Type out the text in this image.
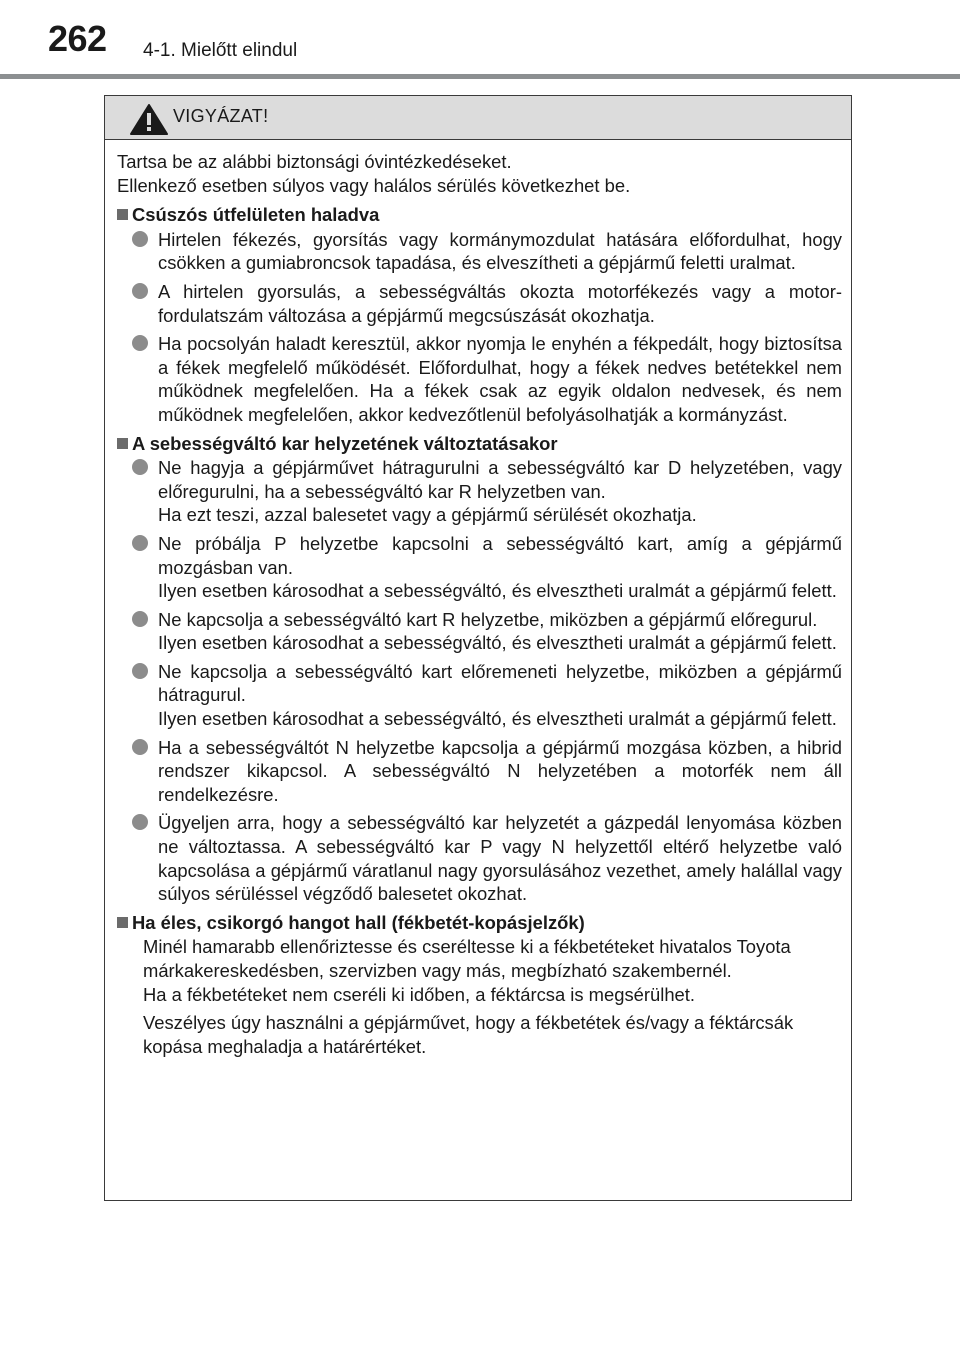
262 4-1. Mielőtt elindul
VIGYÁZAT!

Tartsa be az alábbi biztonsági óvintézkedéseket.

Ellenkező esetben súlyos vagy halálos sérülés következhet be.

Csúszós útfelületen haladva

Hirtelen fékezés, gyorsítás vagy kormánymozdulat hatására előfordulhat, hogy csökken a gumiabroncsok tapadása, és elveszítheti a gépjármű feletti uralmat.

A hirtelen gyorsulás, a sebességváltás okozta motorfékezés vagy a motorfordulatszám változása a gépjármű megcsúszását okozhatja.

Ha pocsolyán haladt keresztül, akkor nyomja le enyhén a fékpedált, hogy biztosítsa a fékek megfelelő működését. Előfordulhat, hogy a fékek nedves betétekkel nem működnek megfelelően. Ha a fékek csak az egyik oldalon nedvesek, és nem működnek megfelelően, akkor kedvezőtlenül befolyásolhatják a kormányzást.

A sebességváltó kar helyzetének változtatásakor

Ne hagyja a gépjárművet hátragurulni a sebességváltó kar D helyzetében, vagy előregurulni, ha a sebességváltó kar R helyzetben van.

Ha ezt teszi, azzal balesetet vagy a gépjármű sérülését okozhatja.

Ne próbálja P helyzetbe kapcsolni a sebességváltó kart, amíg a gépjármű mozgásban van.

Ilyen esetben károsodhat a sebességváltó, és elvesztheti uralmát a gépjármű felett.

Ne kapcsolja a sebességváltó kart R helyzetbe, miközben a gépjármű előregurul.

Ilyen esetben károsodhat a sebességváltó, és elvesztheti uralmát a gépjármű felett.

Ne kapcsolja a sebességváltó kart előremeneti helyzetbe, miközben a gépjármű hátragurul.

Ilyen esetben károsodhat a sebességváltó, és elvesztheti uralmát a gépjármű felett.

Ha a sebességváltót N helyzetbe kapcsolja a gépjármű mozgása közben, a hibrid rendszer kikapcsol. A sebességváltó N helyzetében a motorfék nem áll rendelkezésre.

Ügyeljen arra, hogy a sebességváltó kar helyzetét a gázpedál lenyomása közben ne változtassa. A sebességváltó kar P vagy N helyzettől eltérő helyzetbe való kapcsolása a gépjármű váratlanul nagy gyorsulásához vezethet, amely halállal vagy súlyos sérüléssel végződő balesetet okozhat.

Ha éles, csikorgó hangot hall (fékbetét-kopásjelzők)

Minél hamarabb ellenőriztesse és cseréltesse ki a fékbetéteket hivatalos Toyota márkakereskedésben, szervizben vagy más, megbízható szakembernél.

Ha a fékbetéteket nem cseréli ki időben, a féktárcsa is megsérülhet.

Veszélyes úgy használni a gépjárművet, hogy a fékbetétek és/vagy a féktárcsák kopása meghaladja a határértéket.
